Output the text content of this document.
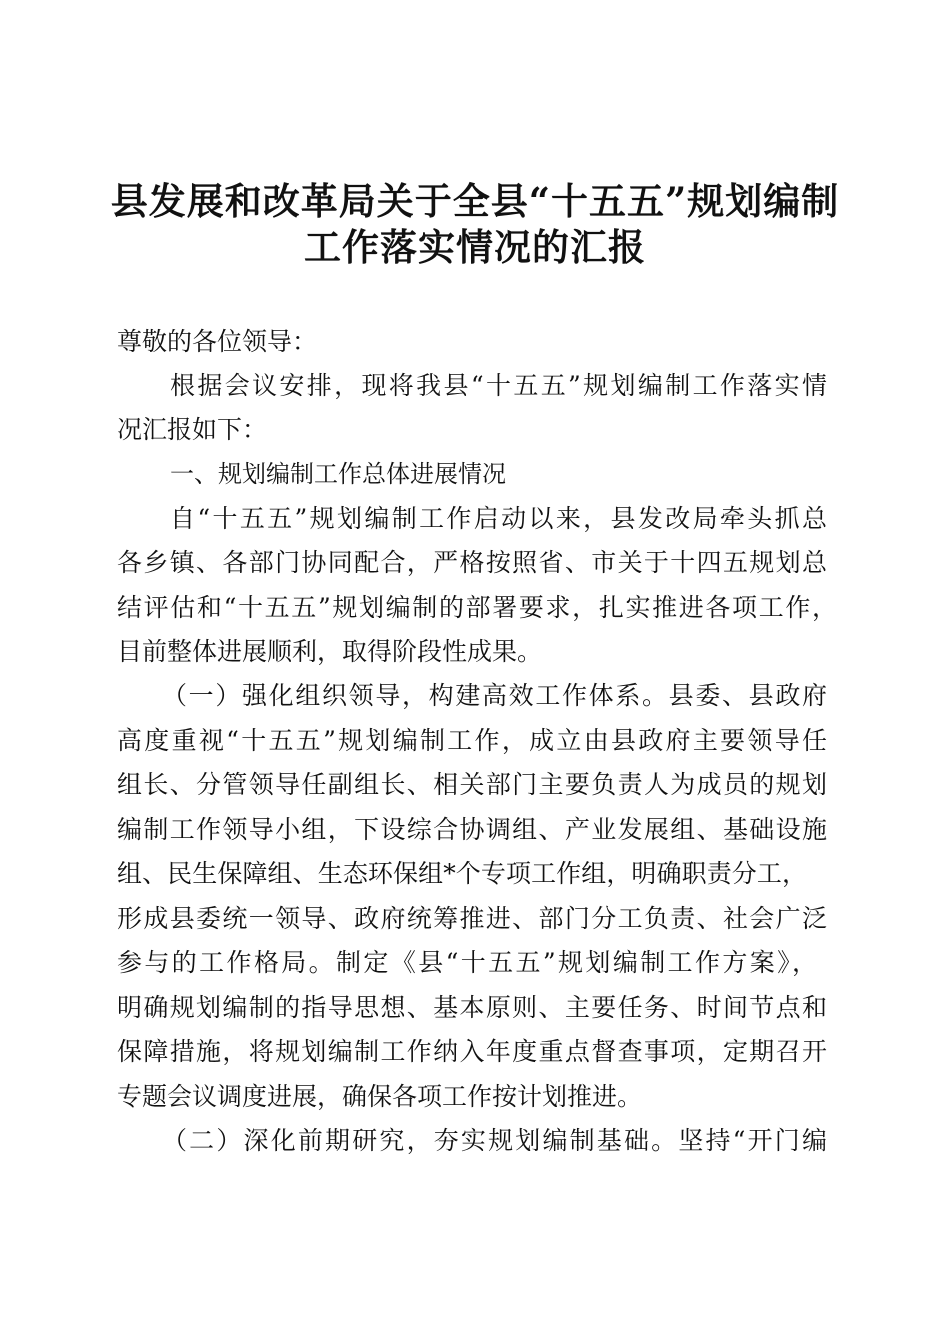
县发展和改革局关于全县“十五五”规划编制
工作落实情况的汇报
尊敬的各位领导：
根据会议安排，现将我县“十五五”规划编制工作落实情
况汇报如下：
一、规划编制工作总体进展情况
自“十五五”规划编制工作启动以来，县发改局牵头抓总
各乡镇、各部门协同配合，严格按照省、市关于十四五规划总
结评估和“十五五”规划编制的部署要求，扎实推进各项工作，
目前整体进展顺利，取得阶段性成果。
（一）强化组织领导，构建高效工作体系。县委、县政府
高度重视“十五五”规划编制工作，成立由县政府主要领导任
组长、分管领导任副组长、相关部门主要负责人为成员的规划
编制工作领导小组，下设综合协调组、产业发展组、基础设施
组、民生保障组、生态环保组*个专项工作组，明确职责分工，
形成县委统一领导、政府统筹推进、部门分工负责、社会广泛
参与的工作格局。制定《县“十五五”规划编制工作方案》，
明确规划编制的指导思想、基本原则、主要任务、时间节点和
保障措施，将规划编制工作纳入年度重点督查事项，定期召开
专题会议调度进展，确保各项工作按计划推进。
（二）深化前期研究，夯实规划编制基础。坚持“开门编
